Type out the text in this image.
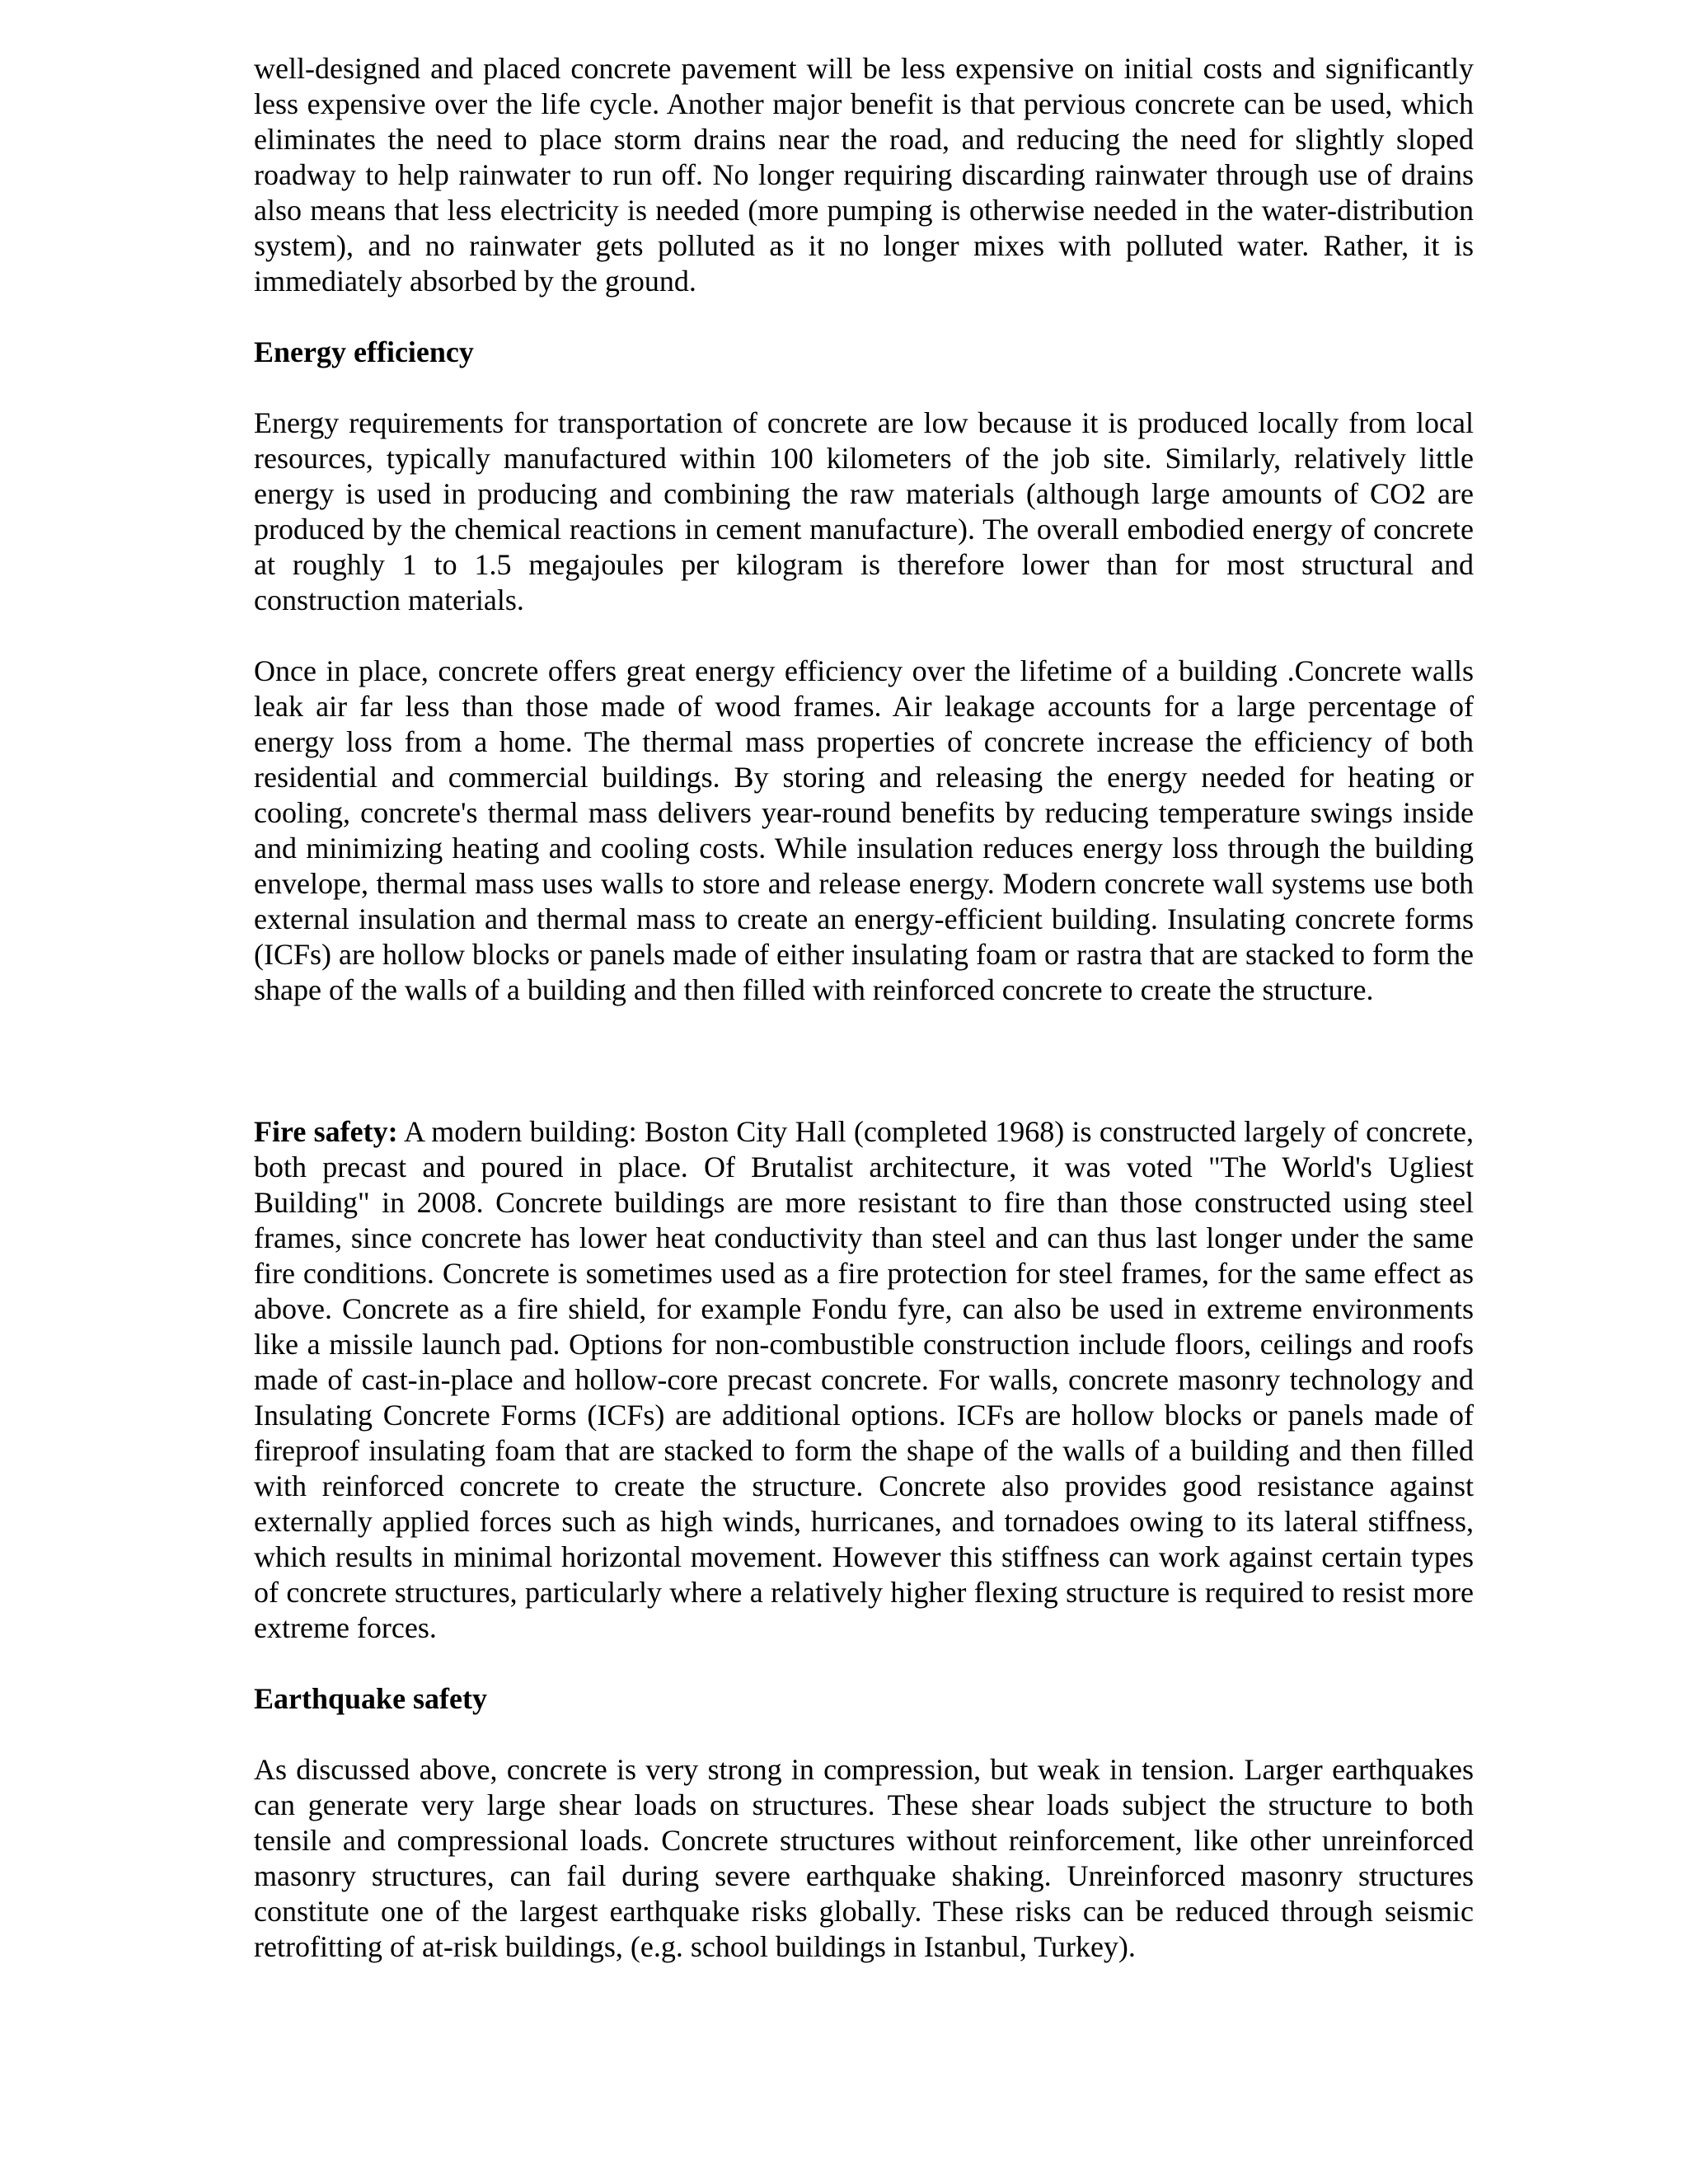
well-designed and placed concrete pavement will be less expensive on initial costs and significantly less expensive over the life cycle. Another major benefit is that pervious concrete can be used, which eliminates the need to place storm drains near the road, and reducing the need for slightly sloped roadway to help rainwater to run off. No longer requiring discarding rainwater through use of drains also means that less electricity is needed (more pumping is otherwise needed in the water-distribution system), and no rainwater gets polluted as it no longer mixes with polluted water. Rather, it is immediately absorbed by the ground.

Energy efficiency

Energy requirements for transportation of concrete are low because it is produced locally from local resources, typically manufactured within 100 kilometers of the job site. Similarly, relatively little energy is used in producing and combining the raw materials (although large amounts of CO2 are produced by the chemical reactions in cement manufacture). The overall embodied energy of concrete at roughly 1 to 1.5 megajoules per kilogram is therefore lower than for most structural and construction materials.

Once in place, concrete offers great energy efficiency over the lifetime of a building .Concrete walls leak air far less than those made of wood frames. Air leakage accounts for a large percentage of energy loss from a home. The thermal mass properties of concrete increase the efficiency of both residential and commercial buildings. By storing and releasing the energy needed for heating or cooling, concrete's thermal mass delivers year-round benefits by reducing temperature swings inside and minimizing heating and cooling costs. While insulation reduces energy loss through the building envelope, thermal mass uses walls to store and release energy. Modern concrete wall systems use both external insulation and thermal mass to create an energy-efficient building. Insulating concrete forms (ICFs) are hollow blocks or panels made of either insulating foam or rastra that are stacked to form the shape of the walls of a building and then filled with reinforced concrete to create the structure.

Fire safety: A modern building: Boston City Hall (completed 1968) is constructed largely of concrete, both precast and poured in place. Of Brutalist architecture, it was voted "The World's Ugliest Building" in 2008. Concrete buildings are more resistant to fire than those constructed using steel frames, since concrete has lower heat conductivity than steel and can thus last longer under the same fire conditions. Concrete is sometimes used as a fire protection for steel frames, for the same effect as above. Concrete as a fire shield, for example Fondu fyre, can also be used in extreme environments like a missile launch pad. Options for non-combustible construction include floors, ceilings and roofs made of cast-in-place and hollow-core precast concrete. For walls, concrete masonry technology and Insulating Concrete Forms (ICFs) are additional options. ICFs are hollow blocks or panels made of fireproof insulating foam that are stacked to form the shape of the walls of a building and then filled with reinforced concrete to create the structure. Concrete also provides good resistance against externally applied forces such as high winds, hurricanes, and tornadoes owing to its lateral stiffness, which results in minimal horizontal movement. However this stiffness can work against certain types of concrete structures, particularly where a relatively higher flexing structure is required to resist more extreme forces.

Earthquake safety

As discussed above, concrete is very strong in compression, but weak in tension. Larger earthquakes can generate very large shear loads on structures. These shear loads subject the structure to both tensile and compressional loads. Concrete structures without reinforcement, like other unreinforced masonry structures, can fail during severe earthquake shaking. Unreinforced masonry structures constitute one of the largest earthquake risks globally. These risks can be reduced through seismic retrofitting of at-risk buildings, (e.g. school buildings in Istanbul, Turkey).
